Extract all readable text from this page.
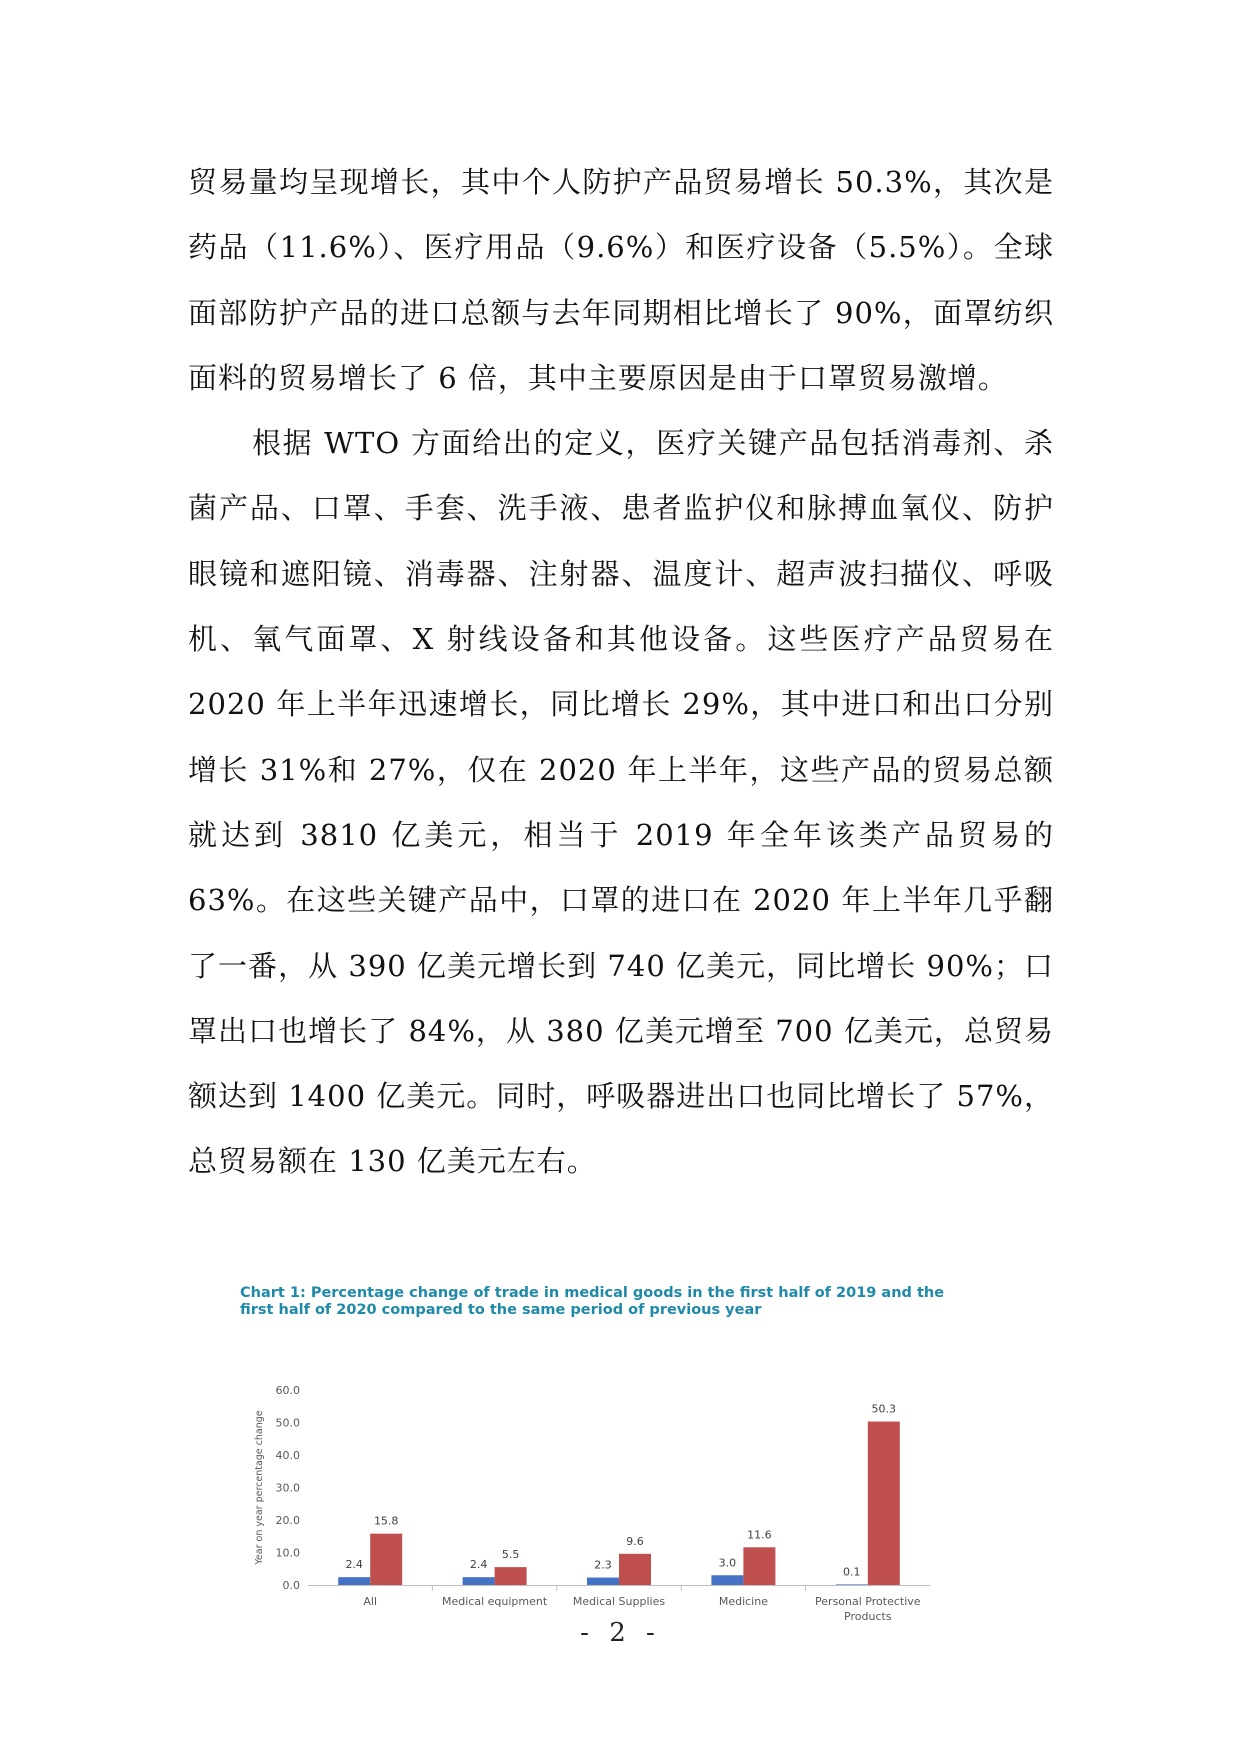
贸易量均呈现增长，其中个人防护产品贸易增长 50.3%，其次是药品（11.6%）、医疗用品（9.6%）和医疗设备（5.5%）。全球面部防护产品的进口总额与去年同期相比增长了 90%，面罩纺织面料的贸易增长了 6 倍，其中主要原因是由于口罩贸易激增。

根据 WTO 方面给出的定义，医疗关键产品包括消毒剂、杀菌产品、口罩、手套、洗手液、患者监护仪和脉搏血氧仪、防护眼镜和遮阳镜、消毒器、注射器、温度计、超声波扫描仪、呼吸机、氧气面罩、X 射线设备和其他设备。这些医疗产品贸易在 2020 年上半年迅速增长，同比增长 29%，其中进口和出口分别增长 31%和 27%，仅在 2020 年上半年，这些产品的贸易总额就达到 3810 亿美元，相当于 2019 年全年该类产品贸易的 63%。在这些关键产品中，口罩的进口在 2020 年上半年几乎翻了一番，从 390 亿美元增长到 740 亿美元，同比增长 90%；口罩出口也增长了 84%，从 380 亿美元增至 700 亿美元，总贸易额达到 1400 亿美元。同时，呼吸器进出口也同比增长了 57%，总贸易额在 130 亿美元左右。

0.0
10.0
20.0
30.0
40.0
50.0
60.0
Year on year percentage change
2.4
15.8
All
2.4
5.5
Medical equipment
2.3
9.6
Medical Supplies
3.0
11.6
Medicine
0.1
50.3
Personal Protective
Products

Chart 1: Percentage change of trade in medical goods in the first half of 2019 and the first half of 2020 compared to the same period of previous year

- 2 -
